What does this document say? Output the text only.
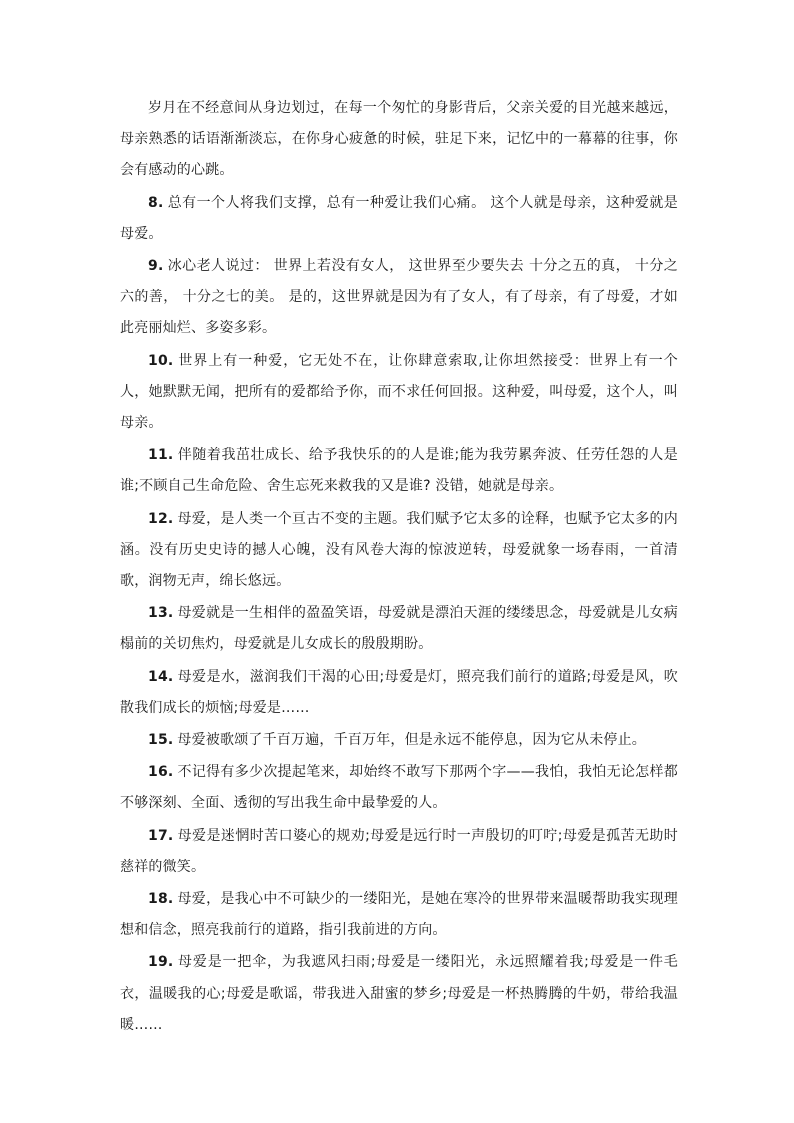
岁月在不经意间从身边划过，在每一个匆忙的身影背后，父亲关爱的目光越来越远，母亲熟悉的话语渐渐淡忘，在你身心疲惫的时候，驻足下来，记忆中的一幕幕的往事，你会有感动的心跳。

8. 总有一个人将我们支撑，总有一种爱让我们心痛。 这个人就是母亲，这种爱就是母爱。

9. 冰心老人说过： 世界上若没有女人， 这世界至少要失去 十分之五的真， 十分之六的善， 十分之七的美。 是的，这世界就是因为有了女人，有了母亲，有了母爱，才如此亮丽灿烂、多姿多彩。

10. 世界上有一种爱，它无处不在，让你肆意索取,让你坦然接受：世界上有一个人，她默默无闻，把所有的爱都给予你，而不求任何回报。这种爱，叫母爱，这个人，叫母亲。

11. 伴随着我茁壮成长、给予我快乐的的人是谁;能为我劳累奔波、任劳任怨的人是谁;不顾自己生命危险、舍生忘死来救我的又是谁? 没错，她就是母亲。

12. 母爱，是人类一个亘古不变的主题。我们赋予它太多的诠释，也赋予它太多的内涵。没有历史史诗的撼人心魄，没有风卷大海的惊波逆转，母爱就象一场春雨，一首清歌，润物无声，绵长悠远。

13. 母爱就是一生相伴的盈盈笑语，母爱就是漂泊天涯的缕缕思念，母爱就是儿女病榻前的关切焦灼，母爱就是儿女成长的殷殷期盼。

14. 母爱是水，滋润我们干渴的心田;母爱是灯，照亮我们前行的道路;母爱是风，吹散我们成长的烦恼;母爱是……

15. 母爱被歌颂了千百万遍，千百万年，但是永远不能停息，因为它从未停止。

16. 不记得有多少次提起笔来，却始终不敢写下那两个字——我怕，我怕无论怎样都不够深刻、全面、透彻的写出我生命中最挚爱的人。

17. 母爱是迷惘时苦口婆心的规劝;母爱是远行时一声殷切的叮咛;母爱是孤苦无助时慈祥的微笑。

18. 母爱，是我心中不可缺少的一缕阳光，是她在寒冷的世界带来温暖帮助我实现理想和信念，照亮我前行的道路，指引我前进的方向。

19. 母爱是一把伞，为我遮风扫雨;母爱是一缕阳光，永远照耀着我;母爱是一件毛衣，温暖我的心;母爱是歌谣，带我进入甜蜜的梦乡;母爱是一杯热腾腾的牛奶，带给我温暖……
